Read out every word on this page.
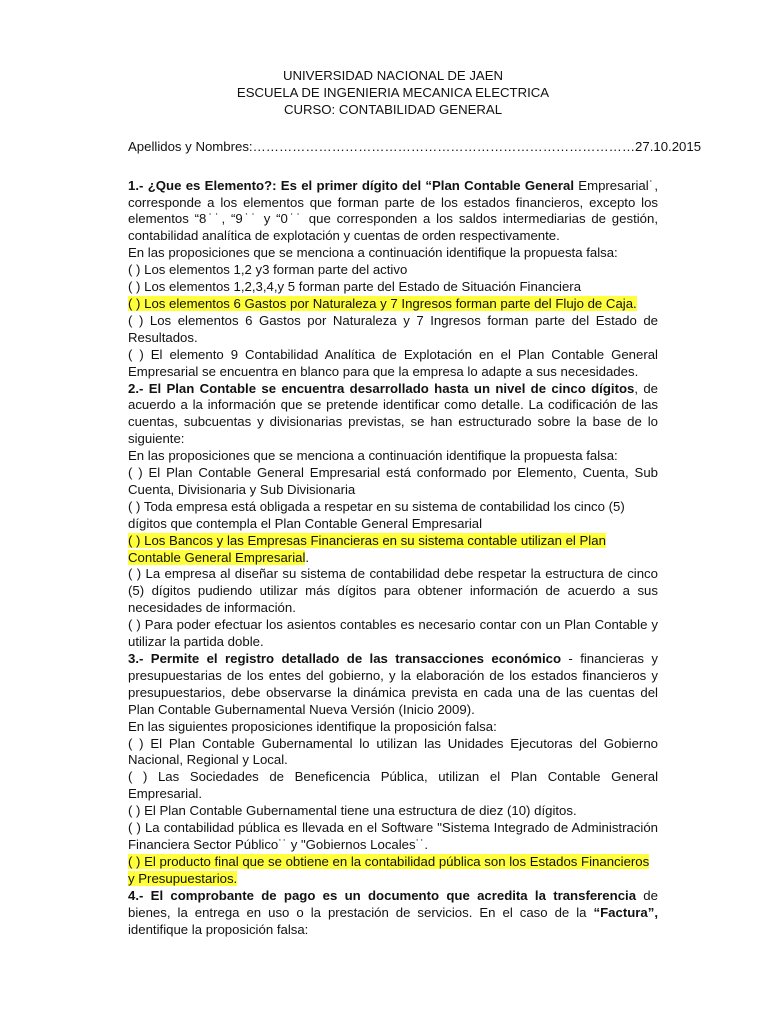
UNIVERSIDAD NACIONAL DE JAEN
ESCUELA DE INGENIERIA MECANICA ELECTRICA
CURSO: CONTABILIDAD GENERAL
Apellidos y Nombres: …………………………………………………………………………… 27.10.2015

1.- ¿Que es Elemento?: Es el primer dígito del “Plan Contable General Empresarial˙, corresponde a los elementos que forman parte de los estados financieros, excepto los elementos “8˙˙, “9˙˙ y “0˙˙ que corresponden a los saldos intermediarias de gestión, contabilidad analítica de explotación y cuentas de orden respectivamente.

En las proposiciones que se menciona a continuación identifique la propuesta falsa:

( ) Los elementos 1,2 y3 forman parte del activo

( ) Los elementos 1,2,3,4,y 5 forman parte del Estado de Situación Financiera

( ) Los elementos 6 Gastos por Naturaleza y 7 Ingresos forman parte del Flujo de Caja.

( ) Los elementos 6 Gastos por Naturaleza y 7 Ingresos forman parte del Estado de Resultados.

( ) El elemento 9 Contabilidad Analítica de Explotación en el Plan Contable General Empresarial se encuentra en blanco para que la empresa lo adapte a sus necesidades.

2.- El Plan Contable se encuentra desarrollado hasta un nivel de cinco dígitos, de acuerdo a la información que se pretende identificar como detalle. La codificación de las cuentas, subcuentas y divisionarias previstas, se han estructurado sobre la base de lo siguiente:

En las proposiciones que se menciona a continuación identifique la propuesta falsa:

( ) El Plan Contable General Empresarial está conformado por Elemento, Cuenta, Sub Cuenta, Divisionaria y Sub Divisionaria

( ) Toda empresa está obligada a respetar en su sistema de contabilidad los cinco (5) dígitos que contempla el Plan Contable General Empresarial

( ) Los Bancos y las Empresas Financieras en su sistema contable utilizan el Plan Contable General Empresarial.

( ) La empresa al diseñar su sistema de contabilidad debe respetar la estructura de cinco (5) dígitos pudiendo utilizar más dígitos para obtener información de acuerdo a sus necesidades de información.

( ) Para poder efectuar los asientos contables es necesario contar con un Plan Contable y utilizar la partida doble.

3.- Permite el registro detallado de las transacciones económico - financieras y presupuestarias de los entes del gobierno, y la elaboración de los estados financieros y presupuestarios, debe observarse la dinámica prevista en cada una de las cuentas del Plan Contable Gubernamental Nueva Versión (Inicio 2009).

En las siguientes proposiciones identifique la proposición falsa:

( ) El Plan Contable Gubernamental lo utilizan las Unidades Ejecutoras del Gobierno Nacional, Regional y Local.

( ) Las Sociedades de Beneficencia Pública, utilizan el Plan Contable General Empresarial.

( ) El Plan Contable Gubernamental tiene una estructura de diez (10) dígitos.

( ) La contabilidad pública es llevada en el Software "Sistema Integrado de Administración Financiera Sector Público˙˙ y "Gobiernos Locales˙˙.

( ) El producto final que se obtiene en la contabilidad pública son los Estados Financieros y Presupuestarios.

4.- El comprobante de pago es un documento que acredita la transferencia de bienes, la entrega en uso o la prestación de servicios. En el caso de la “Factura”, identifique la proposición falsa:
